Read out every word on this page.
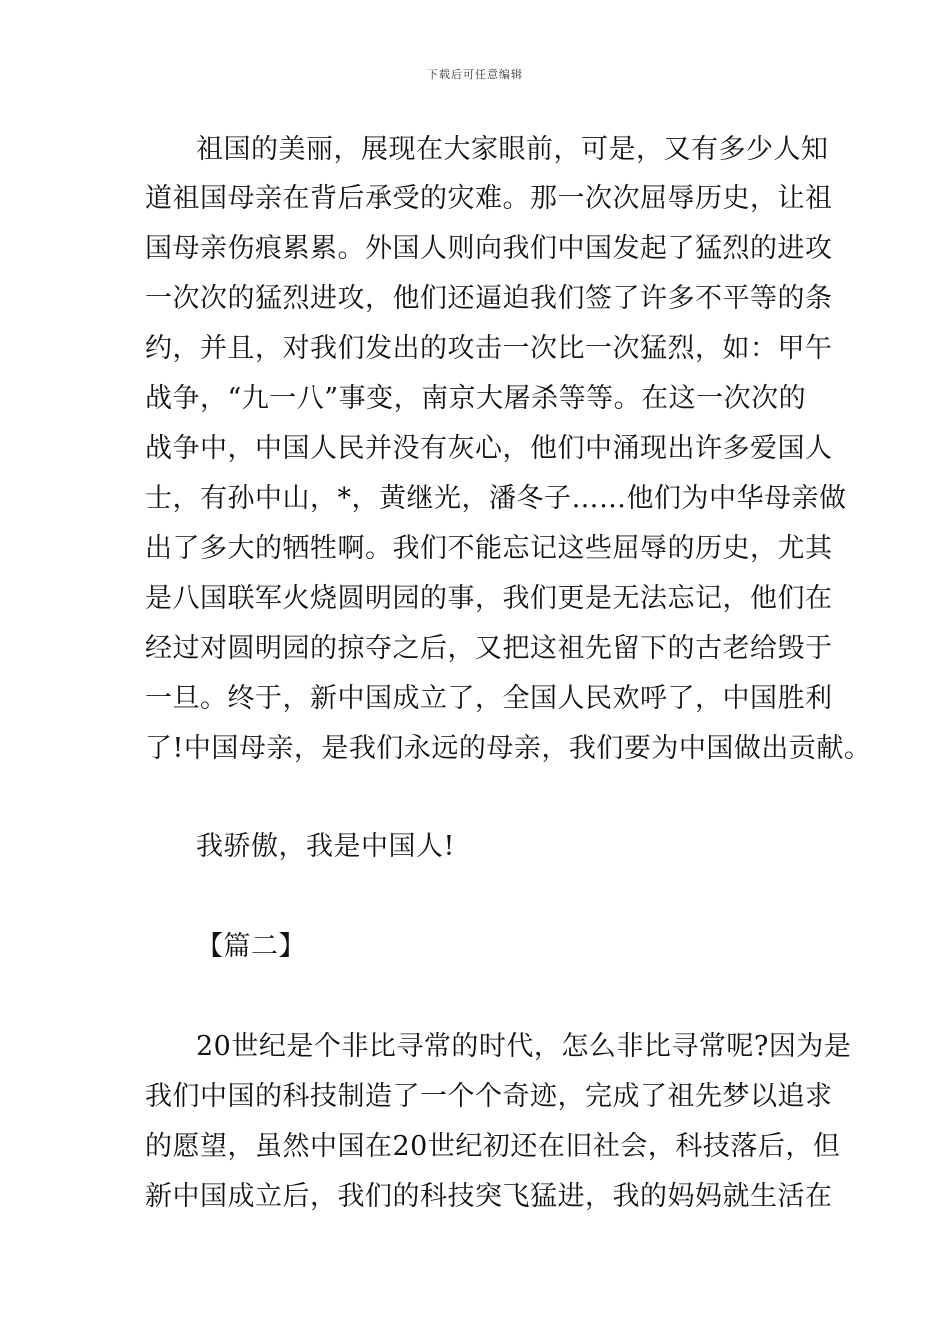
下载后可任意编辑
祖国的美丽，展现在大家眼前，可是，又有多少人知
道祖国母亲在背后承受的灾难。那一次次屈辱历史，让祖
国母亲伤痕累累。外国人则向我们中国发起了猛烈的进攻
一次次的猛烈进攻，他们还逼迫我们签了许多不平等的条
约，并且，对我们发出的攻击一次比一次猛烈，如：甲午
战争，“九一八”事变，南京大屠杀等等。在这一次次的
战争中，中国人民并没有灰心，他们中涌现出许多爱国人
士，有孙中山，*，黄继光，潘冬子……他们为中华母亲做
出了多大的牺牲啊。我们不能忘记这些屈辱的历史，尤其
是八国联军火烧圆明园的事，我们更是无法忘记，他们在
经过对圆明园的掠夺之后，又把这祖先留下的古老给毁于
一旦。终于，新中国成立了，全国人民欢呼了，中国胜利
了!中国母亲，是我们永远的母亲，我们要为中国做出贡献。
我骄傲，我是中国人!
【篇二】
20世纪是个非比寻常的时代，怎么非比寻常呢?因为是
我们中国的科技制造了一个个奇迹，完成了祖先梦以追求
的愿望，虽然中国在20世纪初还在旧社会，科技落后，但
新中国成立后，我们的科技突飞猛进，我的妈妈就生活在
